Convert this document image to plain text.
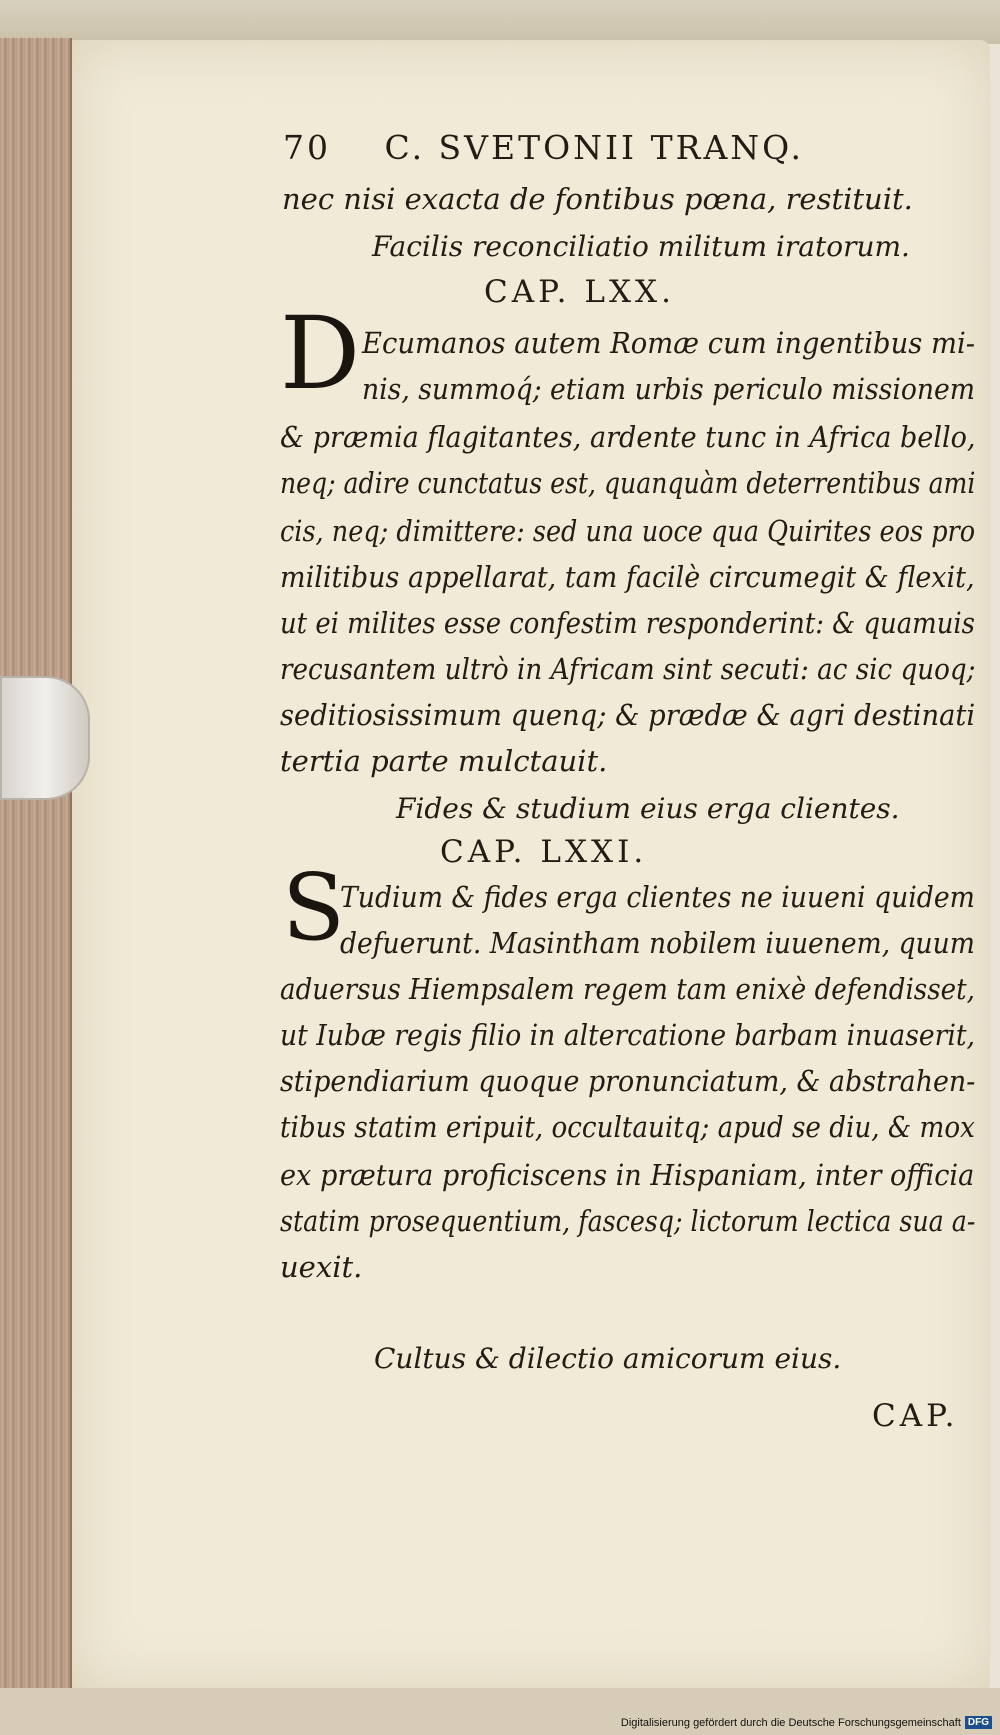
70 C. SVETONII TRANQ.
nec nisi exacta de fontibus pœna, restituit.
Facilis reconciliatio militum iratorum.
CAP. LXX.
D Ecumanos autem Romæ cum ingentibus mi-
nis, summoq́; etiam urbis periculo missionem
& præmia flagitantes, ardente tunc in Africa bello,
neq; adire cunctatus est, quanquàm deterrentibus ami
cis, neq; dimittere: sed una uoce qua Quirites eos pro
militibus appellarat, tam facilè circumegit & flexit,
ut ei milites esse confestim responderint: & quamuis
recusantem ultrò in Africam sint secuti: ac sic quoq;
seditiosissimum quenq; & prædæ & agri destinati
tertia parte mulctauit.
Fides & studium eius erga clientes.
CAP. LXXI.
S
Tudium & fides erga clientes ne iuueni quidem
defuerunt. Masintham nobilem iuuenem, quum
aduersus Hiempsalem regem tam enixè defendisset,
ut Iubæ regis filio in altercatione barbam inuaserit,
stipendiarium quoque pronunciatum, & abstrahen-
tibus statim eripuit, occultauitq; apud se diu, & mox
ex prætura proficiscens in Hispaniam, inter officia
statim prosequentium, fascesq; lictorum lectica sua a-
uexit.
Cultus & dilectio amicorum eius.
CAP.
Digitalisierung gefördert durch die Deutsche Forschungsgemeinschaft DFG
